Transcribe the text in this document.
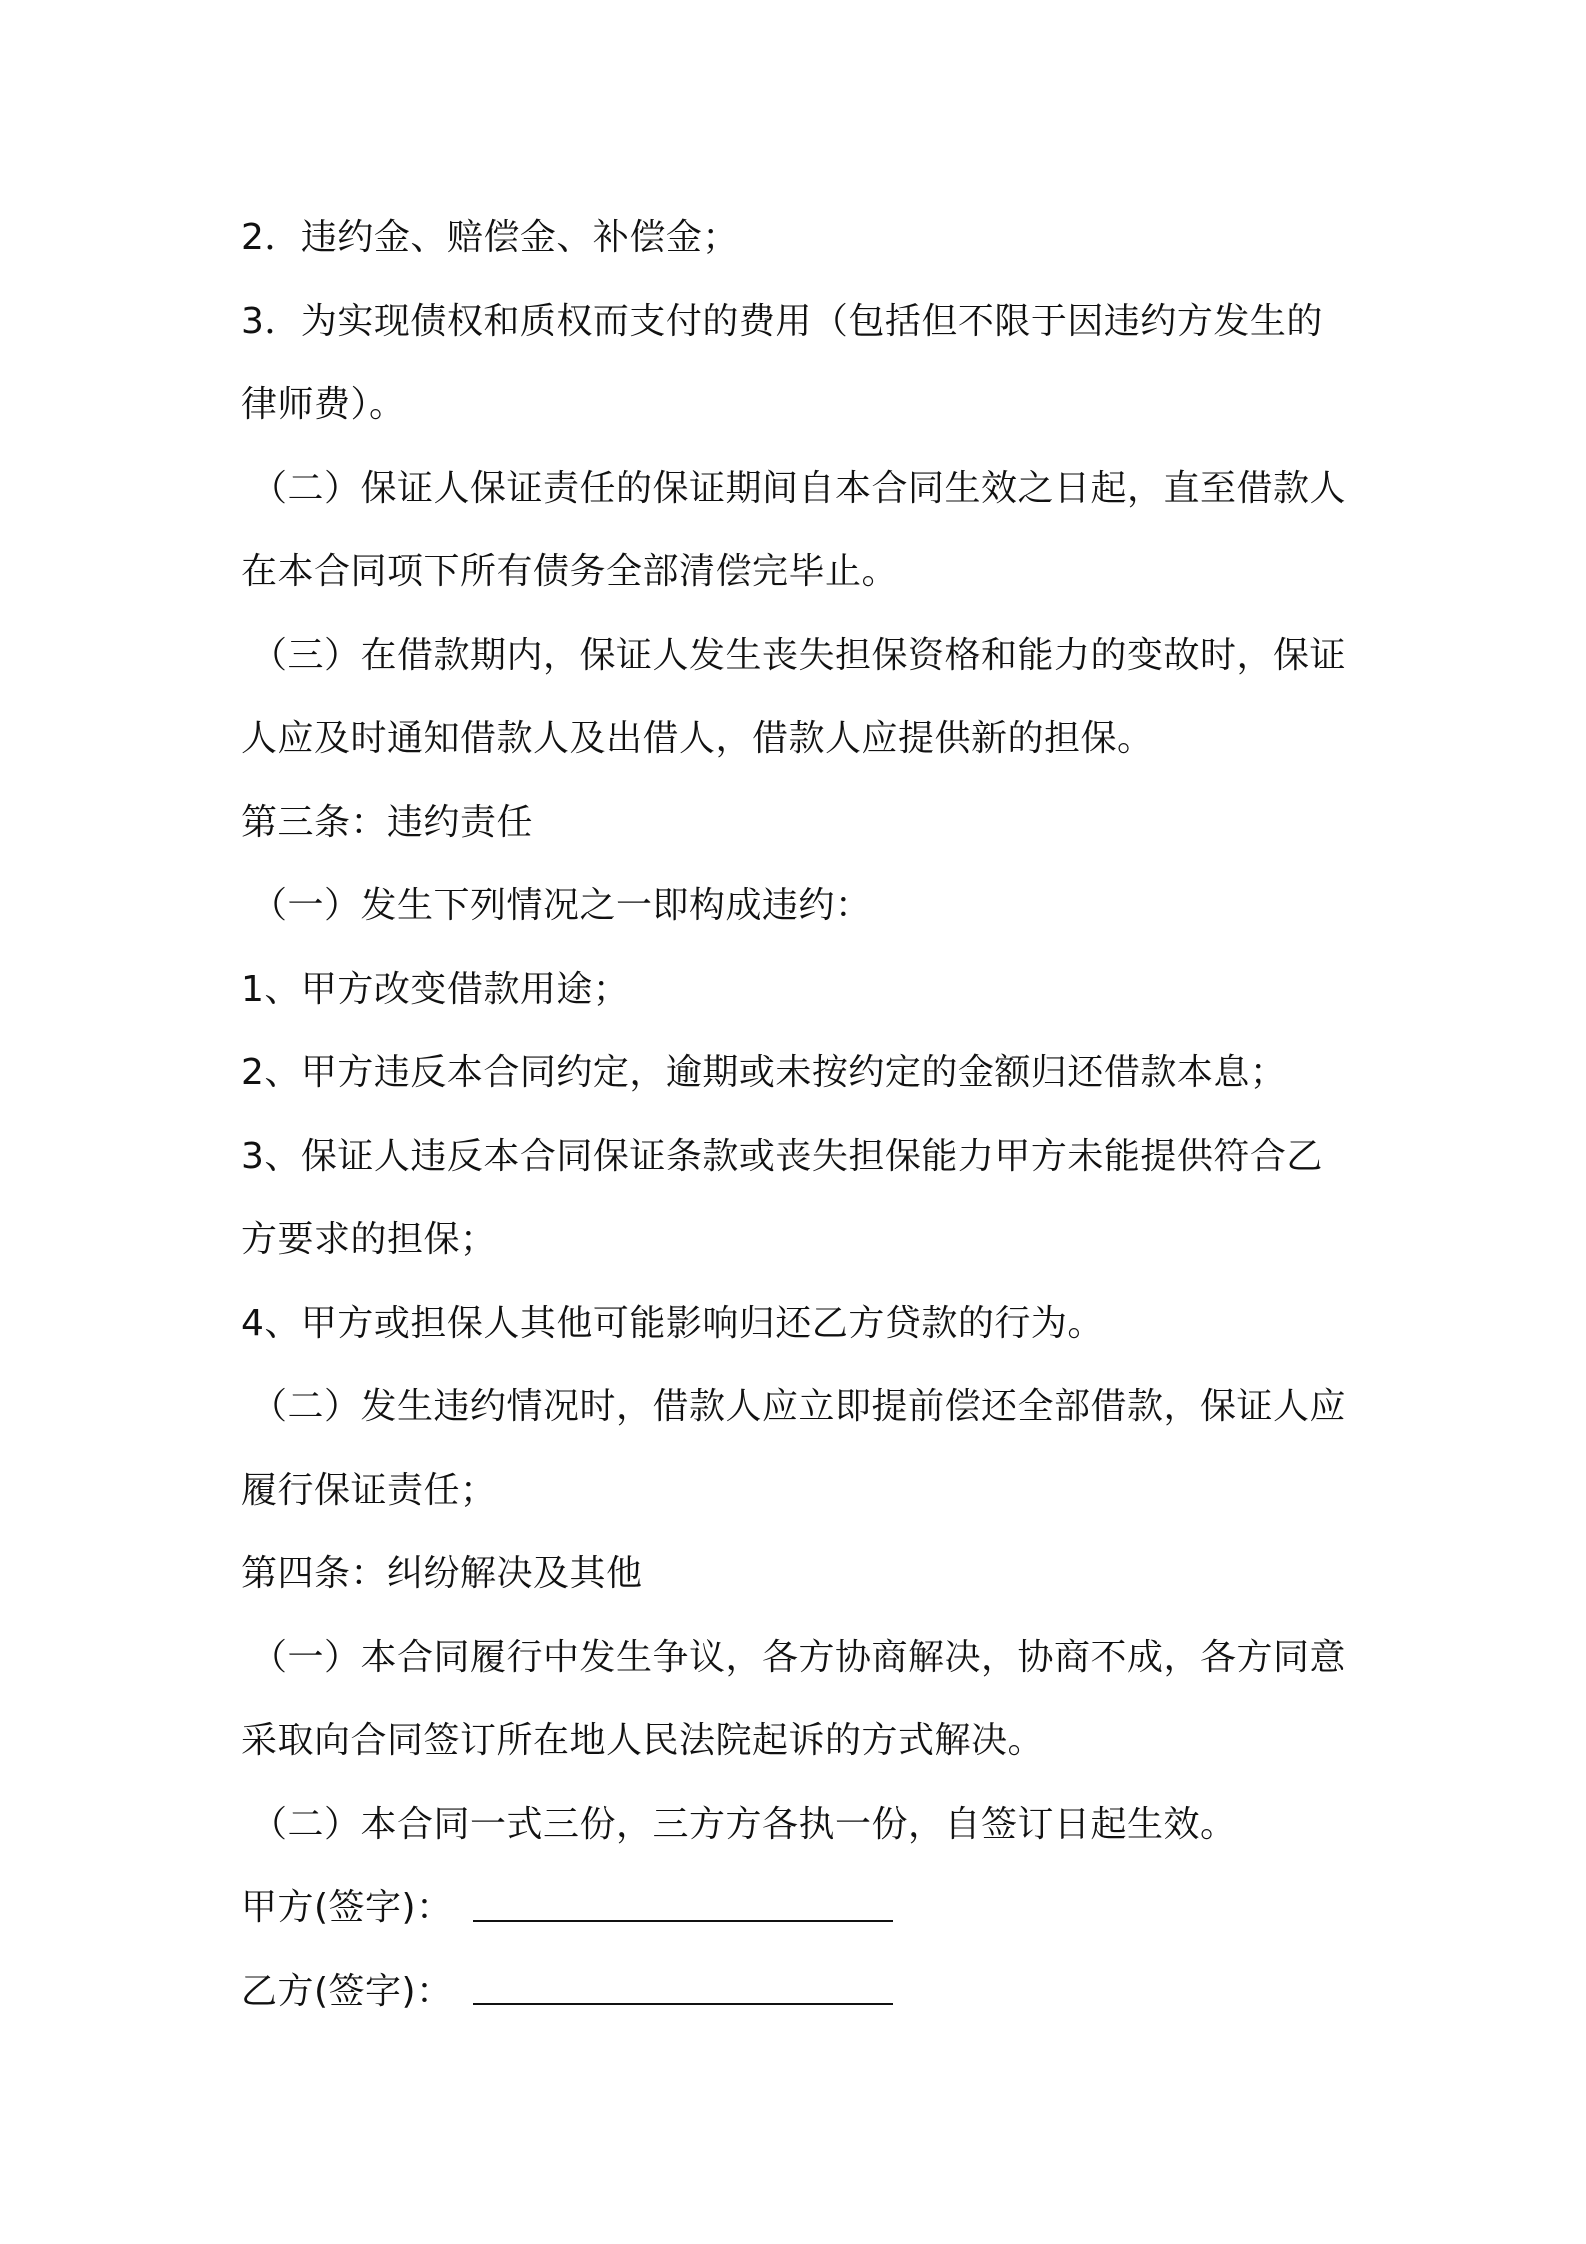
2．违约金、赔偿金、补偿金；
3．为实现债权和质权而支付的费用（包括但不限于因违约方发生的
律师费）。
（二）保证人保证责任的保证期间自本合同生效之日起，直至借款人
在本合同项下所有债务全部清偿完毕止。
（三）在借款期内，保证人发生丧失担保资格和能力的变故时，保证
人应及时通知借款人及出借人，借款人应提供新的担保。
第三条：违约责任
（一）发生下列情况之一即构成违约：
1、甲方改变借款用途；
2、甲方违反本合同约定，逾期或未按约定的金额归还借款本息；
3、保证人违反本合同保证条款或丧失担保能力甲方未能提供符合乙
方要求的担保；
4、甲方或担保人其他可能影响归还乙方贷款的行为。
（二）发生违约情况时，借款人应立即提前偿还全部借款，保证人应
履行保证责任；
第四条：纠纷解决及其他
（一）本合同履行中发生争议，各方协商解决，协商不成，各方同意
采取向合同签订所在地人民法院起诉的方式解决。
（二）本合同一式三份，三方方各执一份，自签订日起生效。
甲方(签字)：
乙方(签字)：
